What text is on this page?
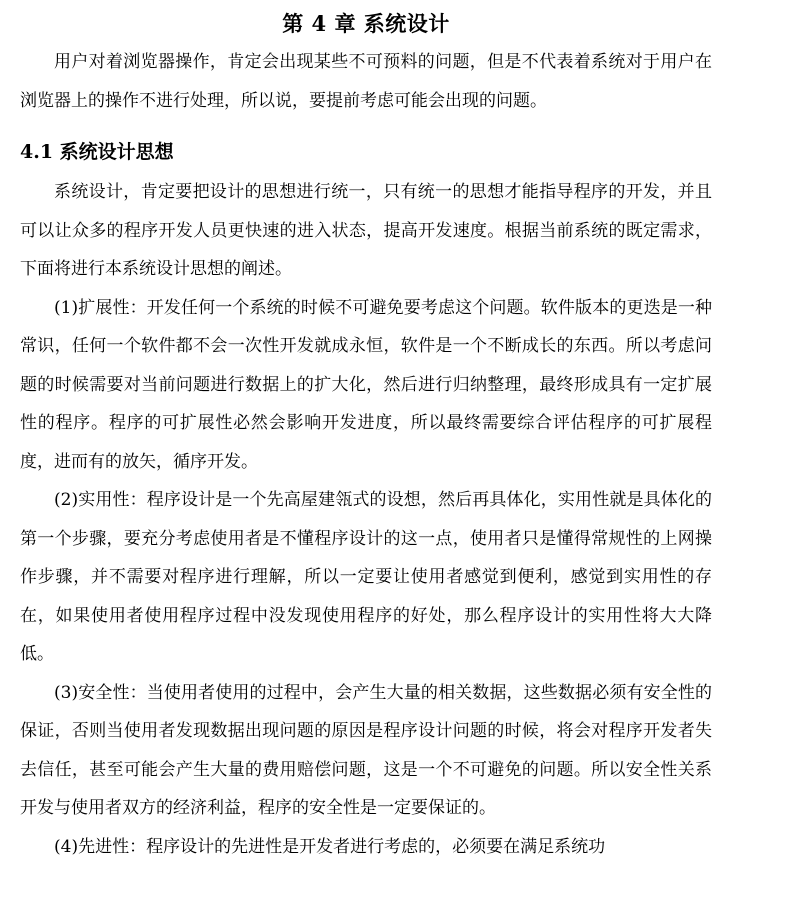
第 4 章 系统设计

用户对着浏览器操作，肯定会出现某些不可预料的问题，但是不代表着系统对于用户在浏览器上的操作不进行处理，所以说，要提前考虑可能会出现的问题。

4.1 系统设计思想

系统设计，肯定要把设计的思想进行统一，只有统一的思想才能指导程序的开发，并且可以让众多的程序开发人员更快速的进入状态，提高开发速度。根据当前系统的既定需求，下面将进行本系统设计思想的阐述。

(1)扩展性：开发任何一个系统的时候不可避免要考虑这个问题。软件版本的更迭是一种常识，任何一个软件都不会一次性开发就成永恒，软件是一个不断成长的东西。所以考虑问题的时候需要对当前问题进行数据上的扩大化，然后进行归纳整理，最终形成具有一定扩展性的程序。程序的可扩展性必然会影响开发进度，所以最终需要综合评估程序的可扩展程度，进而有的放矢，循序开发。

(2)实用性：程序设计是一个先高屋建瓴式的设想，然后再具体化，实用性就是具体化的第一个步骤，要充分考虑使用者是不懂程序设计的这一点，使用者只是懂得常规性的上网操作步骤，并不需要对程序进行理解，所以一定要让使用者感觉到便利，感觉到实用性的存在，如果使用者使用程序过程中没发现使用程序的好处，那么程序设计的实用性将大大降低。

(3)安全性：当使用者使用的过程中，会产生大量的相关数据，这些数据必须有安全性的保证，否则当使用者发现数据出现问题的原因是程序设计问题的时候，将会对程序开发者失去信任，甚至可能会产生大量的费用赔偿问题，这是一个不可避免的问题。所以安全性关系开发与使用者双方的经济利益，程序的安全性是一定要保证的。

(4)先进性：程序设计的先进性是开发者进行考虑的，必须要在满足系统功
